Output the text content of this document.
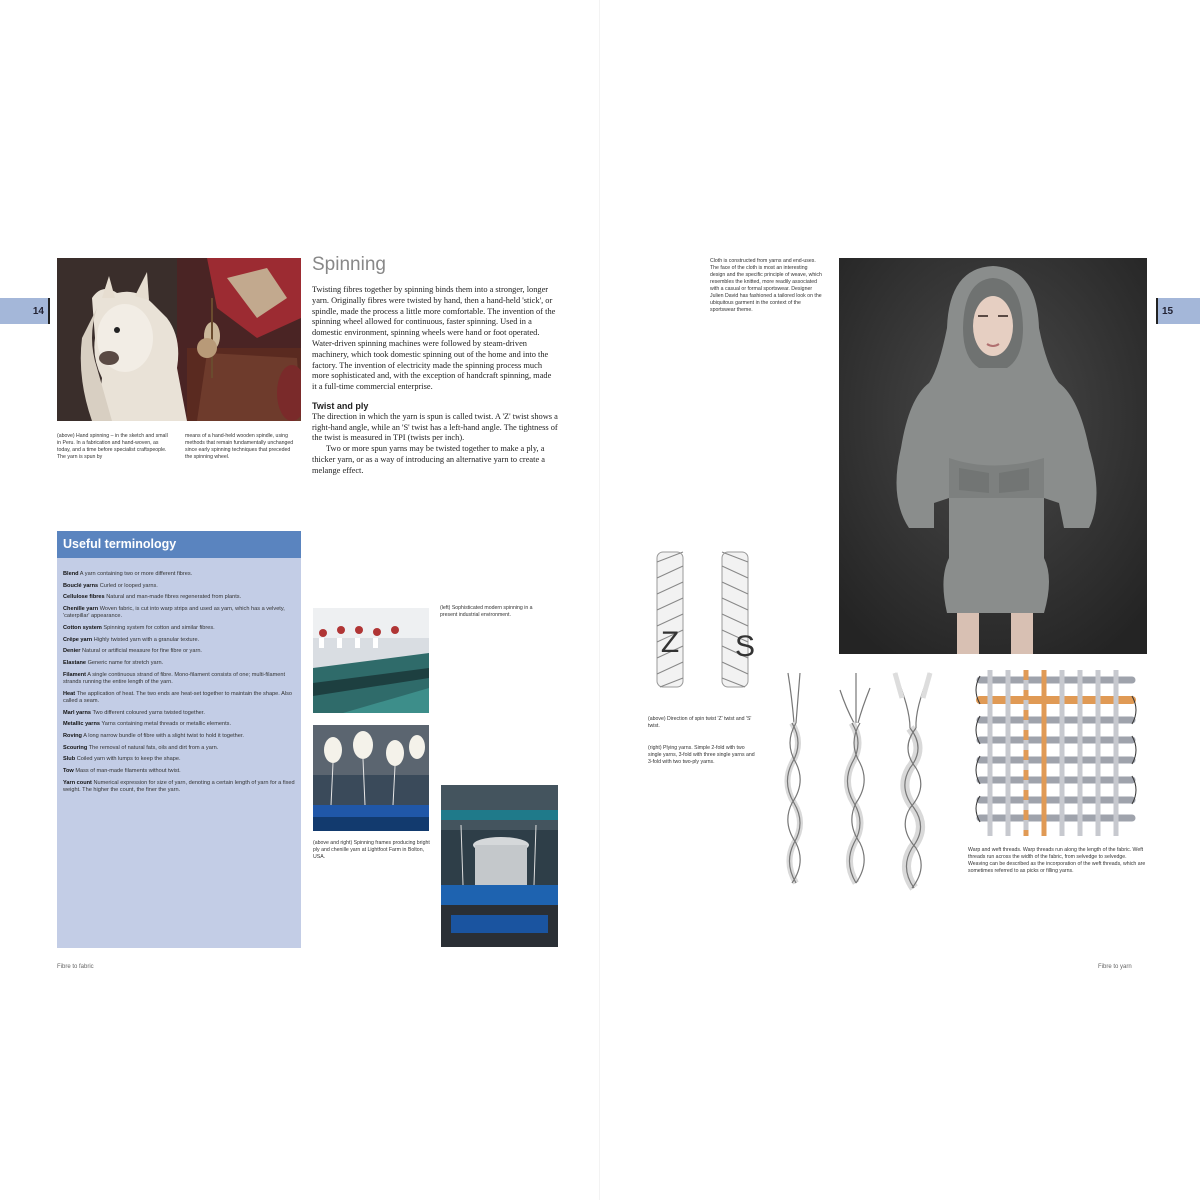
14	15
(above) Hand spinning – in the sketch and small in Peru. In a fabrication and hand-woven, as today, and a time before specialist craftspeople. The yarn is spun by
means of a hand-held wooden spindle, using methods that remain fundamentally unchanged since early spinning techniques that preceded the spinning wheel.
Spinning

Twisting fibres together by spinning binds them into a stronger, longer yarn. Originally fibres were twisted by hand, then a hand-held 'stick', or spindle, made the process a little more comfortable. The invention of the spinning wheel allowed for continuous, faster spinning. Used in a domestic environment, spinning wheels were hand or foot operated. Water-driven spinning machines were followed by steam-driven machinery, which took domestic spinning out of the home and into the factory. The invention of electricity made the spinning process much more sophisticated and, with the exception of handcraft spinning, made it a full-time commercial enterprise.

Twist and ply

The direction in which the yarn is spun is called twist. A 'Z' twist shows a right-hand angle, while an 'S' twist has a left-hand angle. The tightness of the twist is measured in TPI (twists per inch).

Two or more spun yarns may be twisted together to make a ply, a thicker yarn, or as a way of introducing an alternative yarn to create a melange effect.

Useful terminology
Blend A yarn containing two or more different fibres.
Bouclé yarns Curled or looped yarns.
Cellulose fibres Natural and man-made fibres regenerated from plants.
Chenille yarn Woven fabric, is cut into warp strips and used as yarn, which has a velvety, 'caterpillar' appearance.
Cotton system Spinning system for cotton and similar fibres.
Crêpe yarn Highly twisted yarn with a granular texture.
Denier Natural or artificial measure for fine fibre or yarn.
Elastane Generic name for stretch yarn.
Filament A single continuous strand of fibre. Mono-filament consists of one; multi-filament strands running the entire length of the yarn.
Heat The application of heat. The two ends are heat-set together to maintain the shape. Also called a seam.
Marl yarns Two different coloured yarns twisted together.
Metallic yarns Yarns containing metal threads or metallic elements.
Roving A long narrow bundle of fibre with a slight twist to hold it together.
Scouring The removal of natural fats, oils and dirt from a yarn.
Slub Coiled yarn with lumps to keep the shape.
Tow Mass of man-made filaments without twist.
Yarn count Numerical expression for size of yarn, denoting a certain length of yarn for a fixed weight. The higher the count, the finer the yarn.
(left) Sophisticated modern spinning in a present industrial environment.
(above and right) Spinning frames producing bright ply and chenille yarn at Lightfoot Farm in Bolton, USA.
Fibre to fabric
Cloth is constructed from yarns and end-uses. The face of the cloth is most an interesting design and the specific principle of weave, which resembles the knitted, more readily associated with a casual or formal sportswear. Designer Julien David has fashioned a tailored look on the ubiquitous garment in the context of the sportswear theme.
Z	S
(above) Direction of spin twist 'Z' twist and 'S' twist.
(right) Plying yarns. Simple 2-fold with two single yarns, 3-fold with three single yarns and 3-fold with two two-ply yarns.
Warp and weft threads. Warp threads run along the length of the fabric. Weft threads run across the width of the fabric, from selvedge to selvedge. Weaving can be described as the incorporation of the weft threads, which are sometimes referred to as picks or filling yarns.
Fibre to yarn
